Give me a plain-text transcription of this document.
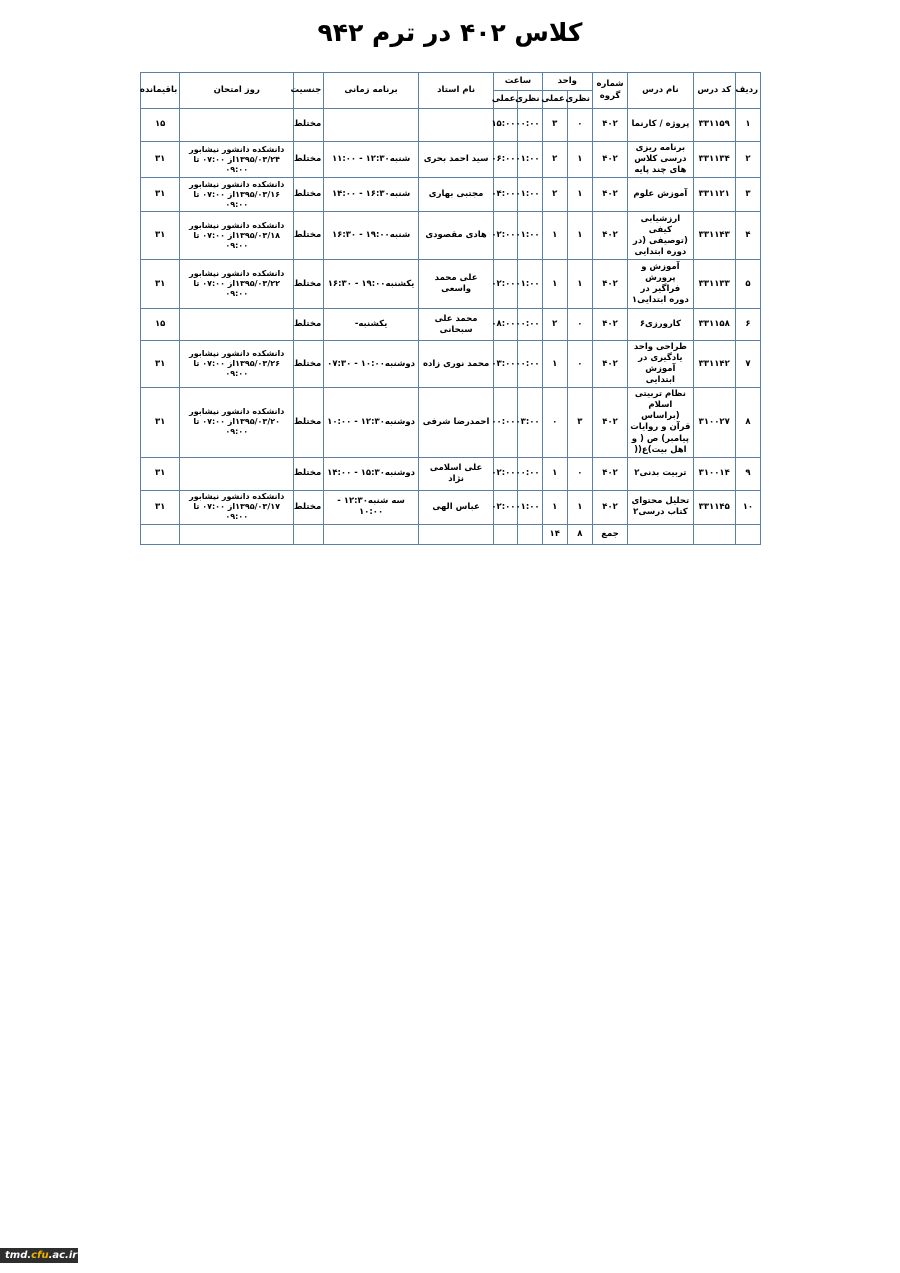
کلاس ۴۰۲ در ترم ۹۴۲
ردیف	کد درس	نام درس	شماره گروه	واحد		ساعت		نام استاد	برنامه زمانی	جنسیت	روز امتحان	باقیمانده
				نظری	عملی	نظری	عملی					
۱	۳۳۱۱۵۹	پروژه / کارنما	۴۰۲	۰	۳	۰۰:۰۰	۱۵:۰۰			مختلط		۱۵
۲	۳۳۱۱۳۴	برنامه ریزی درسی کلاس های چند پایه	۴۰۲	۱	۲	۰۱:۰۰	۰۶:۰۰	سید احمد بحری	شنبه۱۲:۳۰ - ۱۱:۰۰	مختلط	دانشکده دانشور نیشابور ۱۳۹۵/۰۳/۲۴از ۰۷:۰۰ تا ۰۹:۰۰	۳۱
۳	۳۳۱۱۲۱	آموزش علوم	۴۰۲	۱	۲	۰۱:۰۰	۰۴:۰۰	مجتبی بهاری	شنبه۱۶:۳۰ - ۱۴:۰۰	مختلط	دانشکده دانشور نیشابور ۱۳۹۵/۰۳/۱۶از ۰۷:۰۰ تا ۰۹:۰۰	۳۱
۴	۳۳۱۱۴۳	ارزشیابی کیفی (توصیفی (در دوره ابتدایی	۴۰۲	۱	۱	۰۱:۰۰	۰۲:۰۰	هادی مقصودی	شنبه۱۹:۰۰ - ۱۶:۳۰	مختلط	دانشکده دانشور نیشابور ۱۳۹۵/۰۳/۱۸از ۰۷:۰۰ تا ۰۹:۰۰	۳۱
۵	۳۳۱۱۳۳	آموزش و پرورش فراگیر در دوره ابتدایی۱	۴۰۲	۱	۱	۰۱:۰۰	۰۲:۰۰	علی محمد واسعی	یکشنبه۱۹:۰۰ - ۱۶:۳۰	مختلط	دانشکده دانشور نیشابور ۱۳۹۵/۰۳/۲۲از ۰۷:۰۰ تا ۰۹:۰۰	۳۱
۶	۳۳۱۱۵۸	کارورزی۶	۴۰۲	۰	۲	۰۰:۰۰	۰۸:۰۰	محمد علی سبحانی	یکشنبه-	مختلط		۱۵
۷	۳۳۱۱۴۲	طراحی واحد یادگیری در آموزش ابتدایی	۴۰۲	۰	۱	۰۰:۰۰	۰۳:۰۰	محمد نوری زاده	دوشنبه۱۰:۰۰ - ۰۷:۳۰	مختلط	دانشکده دانشور نیشابور ۱۳۹۵/۰۳/۲۶از ۰۷:۰۰ تا ۰۹:۰۰	۳۱
۸	۳۱۰۰۲۷	نظام تربیتی اسلام (براساس قرآن و روایات پیامبر) ص ( و اهل بیت)ع((	۴۰۲	۳	۰	۰۳:۰۰	۰۰:۰۰	احمدرضا شرفی	دوشنبه۱۲:۳۰ - ۱۰:۰۰	مختلط	دانشکده دانشور نیشابور ۱۳۹۵/۰۳/۲۰از ۰۷:۰۰ تا ۰۹:۰۰	۳۱
۹	۳۱۰۰۱۴	تربیت بدنی۲	۴۰۲	۰	۱	۰۰:۰۰	۰۲:۰۰	علی اسلامی نژاد	دوشنبه۱۵:۳۰ - ۱۴:۰۰	مختلط		۳۱
۱۰	۳۳۱۱۴۵	تحلیل محتوای کتاب درسی۲	۴۰۲	۱	۱	۰۱:۰۰	۰۲:۰۰	عباس الهی	سه شنبه۱۲:۳۰ - ۱۰:۰۰	مختلط	دانشکده دانشور نیشابور ۱۳۹۵/۰۳/۱۷از ۰۷:۰۰ تا ۰۹:۰۰	۳۱
			جمع	۸	۱۴							
tmd.cfu.ac.ir
